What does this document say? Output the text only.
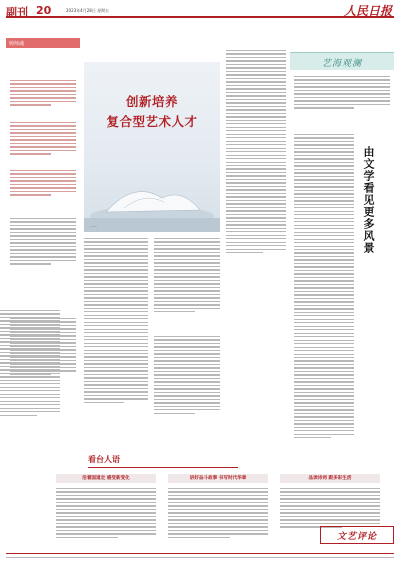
副刊 20	2023年4月28日 星期五	人民日报
铸师魂
创新培养
复合型艺术人才
——
艺海观澜
由文学看见更多风景
看台人语
沿着国道走 感受新变化	讲好奋斗故事 书写时代华章	品读诗词 跟多彩生活
文艺评论
